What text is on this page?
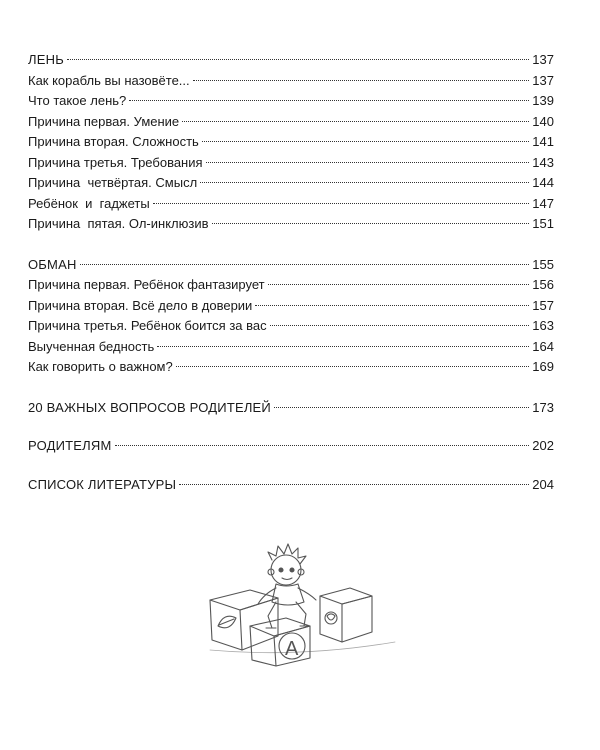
ЛЕНЬ	137
Как корабль вы назовёте...	137
Что такое лень?	139
Причина первая. Умение	140
Причина вторая. Сложность	141
Причина третья. Требования	143
Причина  четвёртая. Смысл	144
Ребёнок  и  гаджеты	147
Причина  пятая. Ол-инклюзив	151
ОБМАН	155
Причина первая. Ребёнок фантазирует	156
Причина вторая. Всё дело в доверии	157
Причина третья. Ребёнок боится за вас	163
Выученная бедность	164
Как говорить о важном?	169
20 ВАЖНЫХ ВОПРОСОВ РОДИТЕЛЕЙ	173
РОДИТЕЛЯМ	202
СПИСОК ЛИТЕРАТУРЫ	204
A
